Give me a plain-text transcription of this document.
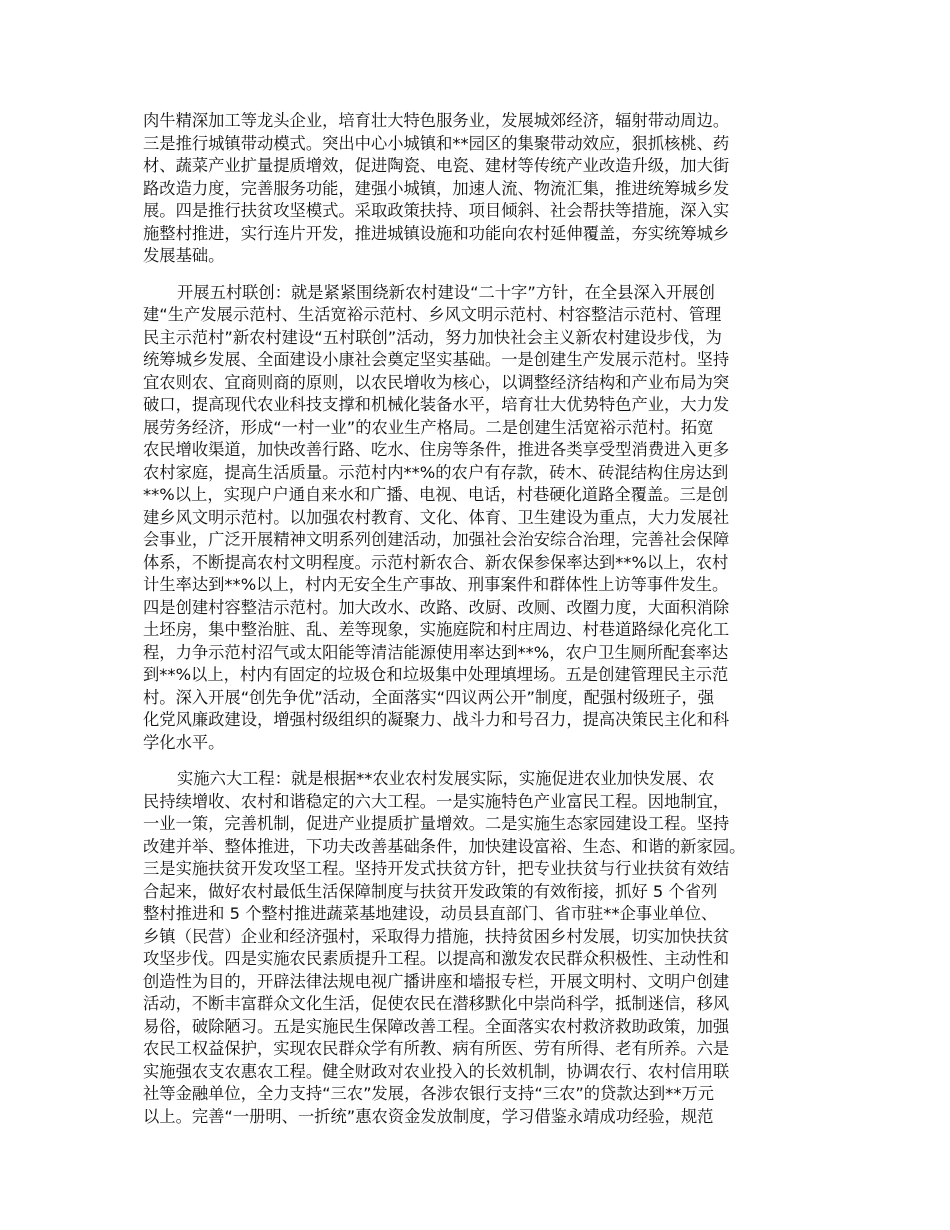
肉牛精深加工等龙头企业，培育壮大特色服务业，发展城郊经济，辐射带动周边。
三是推行城镇带动模式。突出中心小城镇和**园区的集聚带动效应，狠抓核桃、药
材、蔬菜产业扩量提质增效，促进陶瓷、电瓷、建材等传统产业改造升级，加大街
路改造力度，完善服务功能，建强小城镇，加速人流、物流汇集，推进统筹城乡发
展。四是推行扶贫攻坚模式。采取政策扶持、项目倾斜、社会帮扶等措施，深入实
施整村推进，实行连片开发，推进城镇设施和功能向农村延伸覆盖，夯实统筹城乡
发展基础。
开展五村联创：就是紧紧围绕新农村建设“二十字”方针，在全县深入开展创
建“生产发展示范村、生活宽裕示范村、乡风文明示范村、村容整洁示范村、管理
民主示范村”新农村建设“五村联创”活动，努力加快社会主义新农村建设步伐，为
统筹城乡发展、全面建设小康社会奠定坚实基础。一是创建生产发展示范村。坚持
宜农则农、宜商则商的原则，以农民增收为核心，以调整经济结构和产业布局为突
破口，提高现代农业科技支撑和机械化装备水平，培育壮大优势特色产业，大力发
展劳务经济，形成“一村一业”的农业生产格局。二是创建生活宽裕示范村。拓宽
农民增收渠道，加快改善行路、吃水、住房等条件，推进各类享受型消费进入更多
农村家庭，提高生活质量。示范村内**%的农户有存款，砖木、砖混结构住房达到
**%以上，实现户户通自来水和广播、电视、电话，村巷硬化道路全覆盖。三是创
建乡风文明示范村。以加强农村教育、文化、体育、卫生建设为重点，大力发展社
会事业，广泛开展精神文明系列创建活动，加强社会治安综合治理，完善社会保障
体系，不断提高农村文明程度。示范村新农合、新农保参保率达到**%以上，农村
计生率达到**%以上，村内无安全生产事故、刑事案件和群体性上访等事件发生。
四是创建村容整洁示范村。加大改水、改路、改厨、改厕、改圈力度，大面积消除
土坯房，集中整治脏、乱、差等现象，实施庭院和村庄周边、村巷道路绿化亮化工
程，力争示范村沼气或太阳能等清洁能源使用率达到**%，农户卫生厕所配套率达
到**%以上，村内有固定的垃圾仓和垃圾集中处理填埋场。五是创建管理民主示范
村。深入开展“创先争优”活动，全面落实“四议两公开”制度，配强村级班子，强
化党风廉政建设，增强村级组织的凝聚力、战斗力和号召力，提高决策民主化和科
学化水平。
实施六大工程：就是根据**农业农村发展实际，实施促进农业加快发展、农
民持续增收、农村和谐稳定的六大工程。一是实施特色产业富民工程。因地制宜，
一业一策，完善机制，促进产业提质扩量增效。二是实施生态家园建设工程。坚持
改建并举、整体推进，下功夫改善基础条件，加快建设富裕、生态、和谐的新家园。
三是实施扶贫开发攻坚工程。坚持开发式扶贫方针，把专业扶贫与行业扶贫有效结
合起来，做好农村最低生活保障制度与扶贫开发政策的有效衔接，抓好 5 个省列
整村推进和 5 个整村推进蔬菜基地建设，动员县直部门、省市驻**企事业单位、
乡镇（民营）企业和经济强村，采取得力措施，扶持贫困乡村发展，切实加快扶贫
攻坚步伐。四是实施农民素质提升工程。以提高和激发农民群众积极性、主动性和
创造性为目的，开辟法律法规电视广播讲座和墙报专栏，开展文明村、文明户创建
活动，不断丰富群众文化生活，促使农民在潜移默化中崇尚科学，抵制迷信，移风
易俗，破除陋习。五是实施民生保障改善工程。全面落实农村救济救助政策，加强
农民工权益保护，实现农民群众学有所教、病有所医、劳有所得、老有所养。六是
实施强农支农惠农工程。健全财政对农业投入的长效机制，协调农行、农村信用联
社等金融单位，全力支持“三农”发展，各涉农银行支持“三农”的贷款达到**万元
以上。完善“一册明、一折统”惠农资金发放制度，学习借鉴永靖成功经验，规范
